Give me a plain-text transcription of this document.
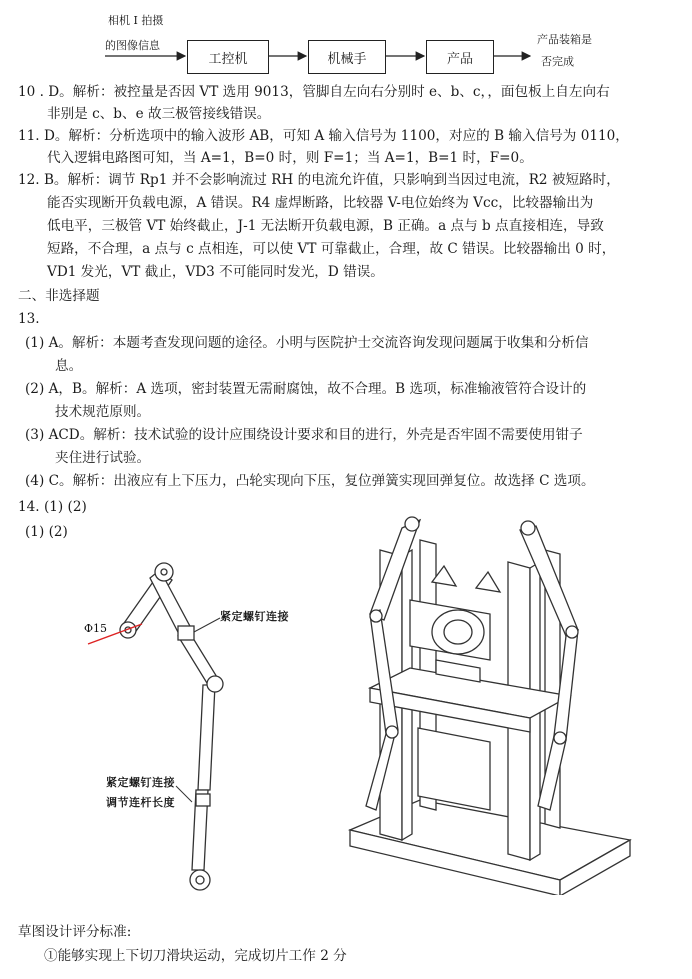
相机 I 拍摄
的图像信息
工控机	机械手	产品
产品装箱是
否完成
10 . D。解析：被控量是否因 VT 选用 9013，管脚自左向右分别时 e、b、c，，面包板上自左向右
非别是 c、b、e 故三极管接线错误。
11. D。解析：分析选项中的输入波形 AB，可知 A 输入信号为 1100，对应的 B 输入信号为 0110，
代入逻辑电路图可知，当 A=1，B=0 时，则 F=1；当 A=1，B=1 时，F=0。
12. B。解析：调节 Rp1 并不会影响流过 RH 的电流允许值，只影响到当因过电流，R2 被短路时，
能否实现断开负载电源，A 错误。R4 虚焊断路，比较器 V-电位始终为 Vcc，比较器输出为
低电平，三极管 VT 始终截止，J-1 无法断开负载电源，B 正确。a 点与 b 点直接相连，导致
短路，不合理，a 点与 c 点相连，可以使 VT 可靠截止，合理，故 C 错误。比较器输出 0 时，
VD1 发光，VT 截止，VD3 不可能同时发光，D 错误。
二、非选择题
13.
(1) A。解析：本题考查发现问题的途径。小明与医院护士交流咨询发现问题属于收集和分析信
息。
(2) A，B。解析：A 选项，密封装置无需耐腐蚀，故不合理。B 选项，标准输液管符合设计的
技术规范原则。
(3) ACD。解析：技术试验的设计应围绕设计要求和目的进行，外壳是否牢固不需要使用钳子
夹住进行试验。
(4) C。解析：出液应有上下压力，凸轮实现向下压，复位弹簧实现回弹复位。故选择 C 选项。
14. (1) (2)
(1) (2)
Φ15
紧定螺钉连接
紧定螺钉连接
调节连杆长度
草图设计评分标准:
①能够实现上下切刀滑块运动，完成切片工作 2 分
